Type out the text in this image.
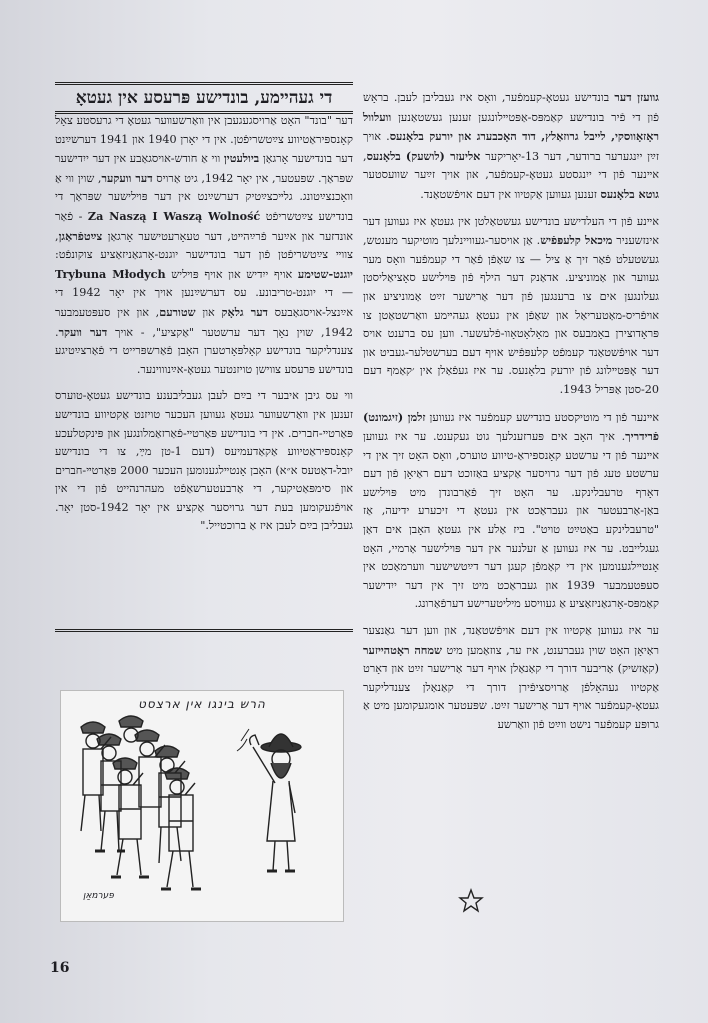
גוועזן דער בונדישע געטאָ-קעמפֿער, וואָס איז געבליבן לעבן. בראָש פֿון די פֿיר בונדישע קאַמפּס-אַפּטײלונגען זענען געשטאַנען וועלוול ראָזאָווסקי, לײבל גרוזאַלץ, דוד האָכבערג און יורעק בלאָנעס. אויך זײַן ייִנגערער ברודער, דער 13-יאָריקער אליעזר (לושעק) בלאָנעס, אײנער פֿון די ייִנגסטע געטאָ-קעמפֿער, און אויך זײַער שוועסטער גוטא בלאָנעס זענען געווען אַקטיוו אין דעם אויפֿשטאַנד.

אײנע פֿון די העלדישע בונדישע געשטאַלטן אין געטאָ איז געווען דער אינזשעניר מיכאל קלעפּפֿיש. אַן אויסער-געוויינלעך מוטיקער מענטש, געשטעלט פֿאַר זיך אַ ציל — צו שאַפֿן פֿאַר די קעמפֿער וואָס מער געווער און אַמוניציע. אדאַנק דער הילף פֿון פּױלישע סאָציאַליסטן געלונגען אים צו ברענגען פֿון דער אַרישער זײַט אַמוניציע און אויפֿריס-מאַטעריאַל און שאַפֿן אין געטאָ געהײמע װאַרשטאַטן צו פּראָדוצירן באָמבעס און מאָלאָטאָוו-פֿלעשער. װען עס ברענט אויס דער אויפֿשטאַנד קעמפֿט קלעפּפֿיש אויף דעם בערשטלער-געביט און דער אָפּטײלונג פֿון יורעק בלאָנעס. ער איז געפֿאַלן אין ׳קאַמף דעם 20-סטן אַפּריל 1943.

אײנער פֿון די מוטיקסטע בונדישע קעמפֿער איז געווען זלמן (זיגמונט) פֿרידריך. איך האָב אים פּערזענלעך גוט געקענט. ער איז געווען אײנער פֿון די ערשטע קאָנספּיראַ-טיווע טוערס, וואָס האָט זיך אין די ערשטע טעג פֿון דער גרויסער אַקציע באַזוכט דעם ראַיאָן פֿון דעם דאָרף טרעבלינקע. ער האָט זיך פֿאַרבונדן מיט פּױלישע באַן-אַרבעטער און געבראַכט אין געטאָ די זיכערע ידיעה, אַז "טרעבלינקע באַטײַט טויט". ביז אַלע אין געטאָ האָבן אים דאַן געגלייבט. ער איז געווען אַ זעלנער אין דער פּױלישער אַרמיי, האָט אָנטײלגענומען אין די קאַמפֿן קעגן דער דײַטשישער װערמאַכט אין סעפּטעמבער 1939 און געבראַכט מיט זיך אין דער ייִדישער קאַמפּס-אָרגאַניזאַציע אַ געוויסע מיליטערישע דערפֿאַרונג.

ער איז געווען אַקטיוו אין דעם אויפֿשטאַנד, און װען דער גאַנצער ראַיאָן האָט שוין געברענט, איז ער, צוזאַמען מיט שמחה ראָטהײזער (קאַזשיק) אַריבער דורך די קאַנאַלן אויף דער אַרישער זײַט און דאָרט אַקטיוו געהאָלפֿן אַרויסציפֿירן דורך די קאַנאַלן צענדליקער געטאָ-קעמפֿער אויף דער אַרישער זײַט. שפּעטער אומגעקומען מיט אַ גרופּע קעמפֿער נישט װײַט פֿון װאַרשע

די געהײמע, בונדישע פּרעסע אין געטאָ

דער "בונד" האָט אַרויסגעגעבן אין װאַרשעװער געטאָ די גרעסטע צאָל קאָנספּיראַטיווע צײַטשריפֿטן. אין די יאָרן 1940 און 1941 דערשײַנט דער בונדישער אָרגאַן ביולעטין ווי אַ חודש-אויסגאַבע אין דער ייִדישער שפּראַך. שפּעטער, אין יאָר 1942, גיט אַרויס דער וועקער, שוין ווי אַ וואָכנצײַטונג. גלײכצײַטיק דערשײַנט אין דער פּױלישער שפּראַך די בונדישע צײַטשריפֿט Za Naszą I Waszą Wolność - פֿאַר אונדזער און אײַער פֿרײַהײט, דער טעאָרעטישער אָרגאַן צײַטפֿראַגן, צווײ צײַטשריפֿטן פֿון דער בונדישער יוגנט-אָרגאַניזאַציע צוקונפֿט: יוגנט-שטימע אויף ייִדיש און אויף פּױליש Trybuna Młodych — די יוגנט-טריבונע. עס דערשײַנען אויך אין יאָר 1942 די אײַנצל-אויסגאַבעס דער גלאָק און שטורעם, און אין סעפּטעמבער 1942, שוין נאָך דער ערשטער "אַקציע", - אויך דער װעקר. צענדליקער בונדישע קאָלפּאָרטערן האָבן פֿאַרשפּרייט די פֿאַרצײַטיגע בונדישע פּרעסע צווישן טויזנטער געטאָ-אײַנוווינער.

ווי עס גיבן איבער די בײַם לעבן געבליבענע בונדישע געטאָ-טוערס זענען אין װאַרשעװער געטאָ געווען העכער טויזנט אַקטיווע בונדישע פּאַרטײ-חברים. אין די בונדישע פּאַרטײ-פֿאַרזאַמלונגען און פּינקטלעכע קאָנספּיראַטיווע אַקאַדעמיעס (דעם 1-טן מײַ, צו די בונדישע יובל-דאַטעס א״א) האָבן אָנטײלגענומען העכער 2000 פּאַרטײ-חברים און סימפּאַטיקער, די אַרבעטערשאַפֿט מעהרנהייט פֿון די אין אויפֿגעקומען בעת דער גרויסער אַקציע אין יאָר 1942-סטן יאָר. געבליבן בײַם לעבן איז אַ ברוכטייל."

הרש בינגו אין ארצסט
פּערמאַן
16
